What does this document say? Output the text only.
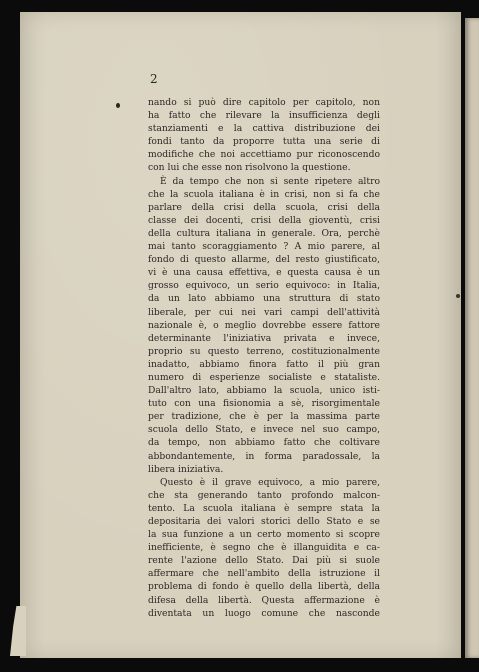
2

nando si può dire capitolo per capitolo, non
ha fatto che rilevare la insufficienza degli
stanziamenti e la cattiva distribuzione dei
fondi tanto da proporre tutta una serie di
modifiche che noi accettiamo pur riconoscendo
con lui che esse non risolvono la questione.
È da tempo che non si sente ripetere altro
che la scuola italiana è in crisi, non si fa che
parlare della crisi della scuola, crisi della
classe dei docenti, crisi della gioventù, crisi
della cultura italiana in generale. Ora, perchè
mai tanto scoraggiamento ? A mio parere, al
fondo di questo allarme, del resto giustificato,
vi è una causa effettiva, e questa causa è un
grosso equivoco, un serio equivoco: in Italia,
da un lato abbiamo una struttura di stato
liberale, per cui nei vari campi dell'attività
nazionale è, o meglio dovrebbe essere fattore
determinante l'iniziativa privata e invece,
proprio su questo terreno, costituzionalmente
inadatto, abbiamo finora fatto il più gran
numero di esperienze socialiste e stataliste.
Dall'altro lato, abbiamo la scuola, unico isti-
tuto con una fisionomia a sè, risorgimentale
per tradizione, che è per la massima parte
scuola dello Stato, e invece nel suo campo,
da tempo, non abbiamo fatto che coltivare
abbondantemente, in forma paradossale, la
libera iniziativa.
Questo è il grave equivoco, a mio parere,
che sta generando tanto profondo malcon-
tento. La scuola italiana è sempre stata la
depositaria dei valori storici dello Stato e se
la sua funzione a un certo momento si scopre
inefficiente, è segno che è illanguidita e ca-
rente l'azione dello Stato. Dai più si suole
affermare che nell'ambito della istruzione il
problema di fondo è quello della libertà, della
difesa della libertà. Questa affermazione è
diventata un luogo comune che nasconde
